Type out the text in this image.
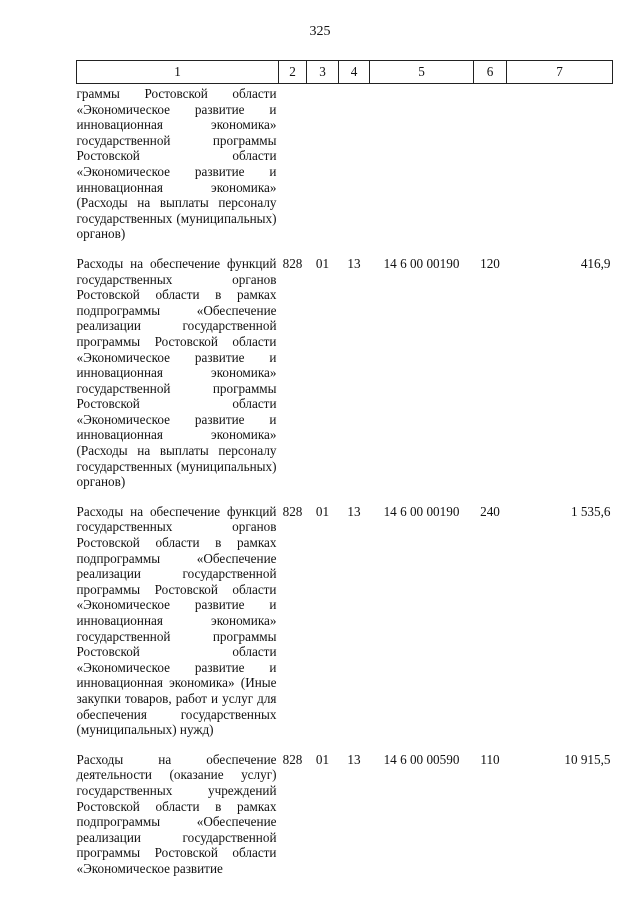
325
1	2	3	4	5	6	7
граммы Ростовской области «Экономическое развитие и инновационная экономика» государственной программы Ростовской области «Экономическое развитие и инновационная экономика» (Расходы на выплаты персоналу государственных (муниципальных) органов)						
Расходы на обеспечение функций государственных органов Ростовской области в рамках подпрограммы «Обеспечение реализации государственной программы Ростовской области «Экономическое развитие и инновационная экономика» государственной программы Ростовской области «Экономическое развитие и инновационная экономика» (Расходы на выплаты персоналу государственных (муниципальных) органов)	828	01	13	14 6 00 00190	120	416,9
Расходы на обеспечение функций государственных органов Ростовской области в рамках подпрограммы «Обеспечение реализации государственной программы Ростовской области «Экономическое развитие и инновационная экономика» государственной программы Ростовской области «Экономическое развитие и инновационная экономика» (Иные закупки товаров, работ и услуг для обеспечения государственных (муниципальных) нужд)	828	01	13	14 6 00 00190	240	1 535,6
Расходы на обеспечение деятельности (оказание услуг) государственных учреждений Ростовской области в рамках подпрограммы «Обеспечение реализации государственной программы Ростовской области «Экономическое развитие	828	01	13	14 6 00 00590	110	10 915,5
